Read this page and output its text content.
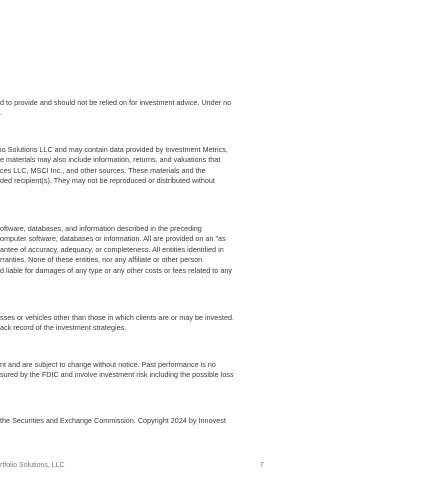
d to provide and should not be relied on for investment advice. Under no
.
io Solutions LLC and may contain data provided by Investment Metrics,
e materials may also include information, returns, and valuations that
ces LLC, MSCI Inc., and other sources. These materials and the
ded recipient(s). They may not be reproduced or distributed without
oftware, databases, and information described in the preceding
omputer software, databases or information. All are provided on an "as
antee of accuracy, adequacy, or completeness. All entities identified in
rranties. None of these entities, nor any affiliate or other person
d liable for damages of any type or any other costs or fees related to any
sses or vehicles other than those in which clients are or may be invested.
ack record of the investment strategies.
nt and are subject to change without notice. Past performance is no
sured by the FDIC and involve investment risk including the possible loss
the Securities and Exchange Commission. Copyright 2024 by Innovest
rtfolio Solutions, LLC	7
